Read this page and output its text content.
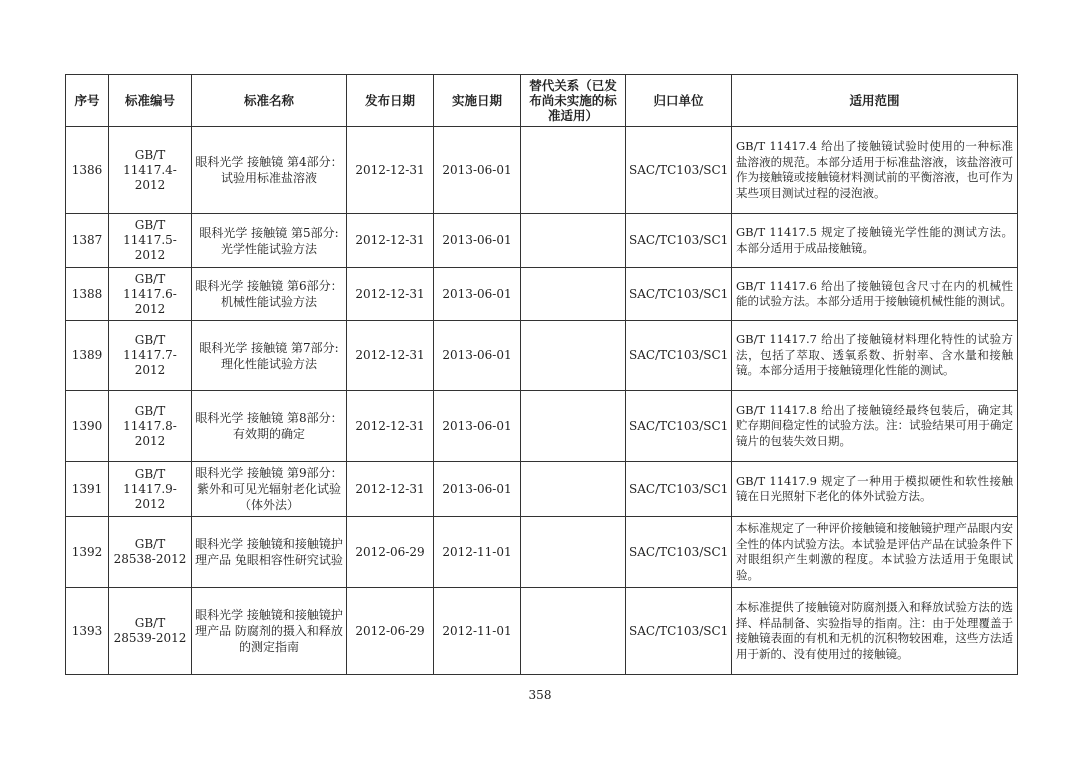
序号	标准编号	标准名称	发布日期	实施日期	替代关系（已发布尚未实施的标准适用）	归口单位	适用范围
1386	GB/T 11417.4-2012	眼科光学 接触镜 第4部分：试验用标准盐溶液	2012-12-31	2013-06-01		SAC/TC103/SC1	GB/T 11417.4 给出了接触镜试验时使用的一种标准盐溶液的规范。本部分适用于标准盐溶液，该盐溶液可作为接触镜或接触镜材料测试前的平衡溶液，也可作为某些项目测试过程的浸泡液。
1387	GB/T 11417.5-2012	眼科光学 接触镜 第5部分:光学性能试验方法	2012-12-31	2013-06-01		SAC/TC103/SC1	GB/T 11417.5 规定了接触镜光学性能的测试方法。本部分适用于成品接触镜。
1388	GB/T 11417.6-2012	眼科光学 接触镜 第6部分：机械性能试验方法	2012-12-31	2013-06-01		SAC/TC103/SC1	GB/T 11417.6 给出了接触镜包含尺寸在内的机械性能的试验方法。本部分适用于接触镜机械性能的测试。
1389	GB/T 11417.7-2012	眼科光学 接触镜 第7部分: 理化性能试验方法	2012-12-31	2013-06-01		SAC/TC103/SC1	GB/T 11417.7 给出了接触镜材料理化特性的试验方法，包括了萃取、透氧系数、折射率、含水量和接触镜。本部分适用于接触镜理化性能的测试。
1390	GB/T 11417.8-2012	眼科光学 接触镜 第8部分：有效期的确定	2012-12-31	2013-06-01		SAC/TC103/SC1	GB/T 11417.8 给出了接触镜经最终包装后，确定其贮存期间稳定性的试验方法。注：试验结果可用于确定镜片的包装失效日期。
1391	GB/T 11417.9-2012	眼科光学 接触镜 第9部分：紫外和可见光辐射老化试验（体外法）	2012-12-31	2013-06-01		SAC/TC103/SC1	GB/T 11417.9 规定了一种用于模拟硬性和软性接触镜在日光照射下老化的体外试验方法。
1392	GB/T 28538-2012	眼科光学 接触镜和接触镜护理产品 兔眼相容性研究试验	2012-06-29	2012-11-01		SAC/TC103/SC1	本标准规定了一种评价接触镜和接触镜护理产品眼内安全性的体内试验方法。本试验是评估产品在试验条件下对眼组织产生刺激的程度。本试验方法适用于兔眼试验。
1393	GB/T 28539-2012	眼科光学 接触镜和接触镜护理产品 防腐剂的摄入和释放的测定指南	2012-06-29	2012-11-01		SAC/TC103/SC1	本标准提供了接触镜对防腐剂摄入和释放试验方法的选择、样品制备、实验指导的指南。注：由于处理覆盖于接触镜表面的有机和无机的沉积物较困难，这些方法适用于新的、没有使用过的接触镜。
358
